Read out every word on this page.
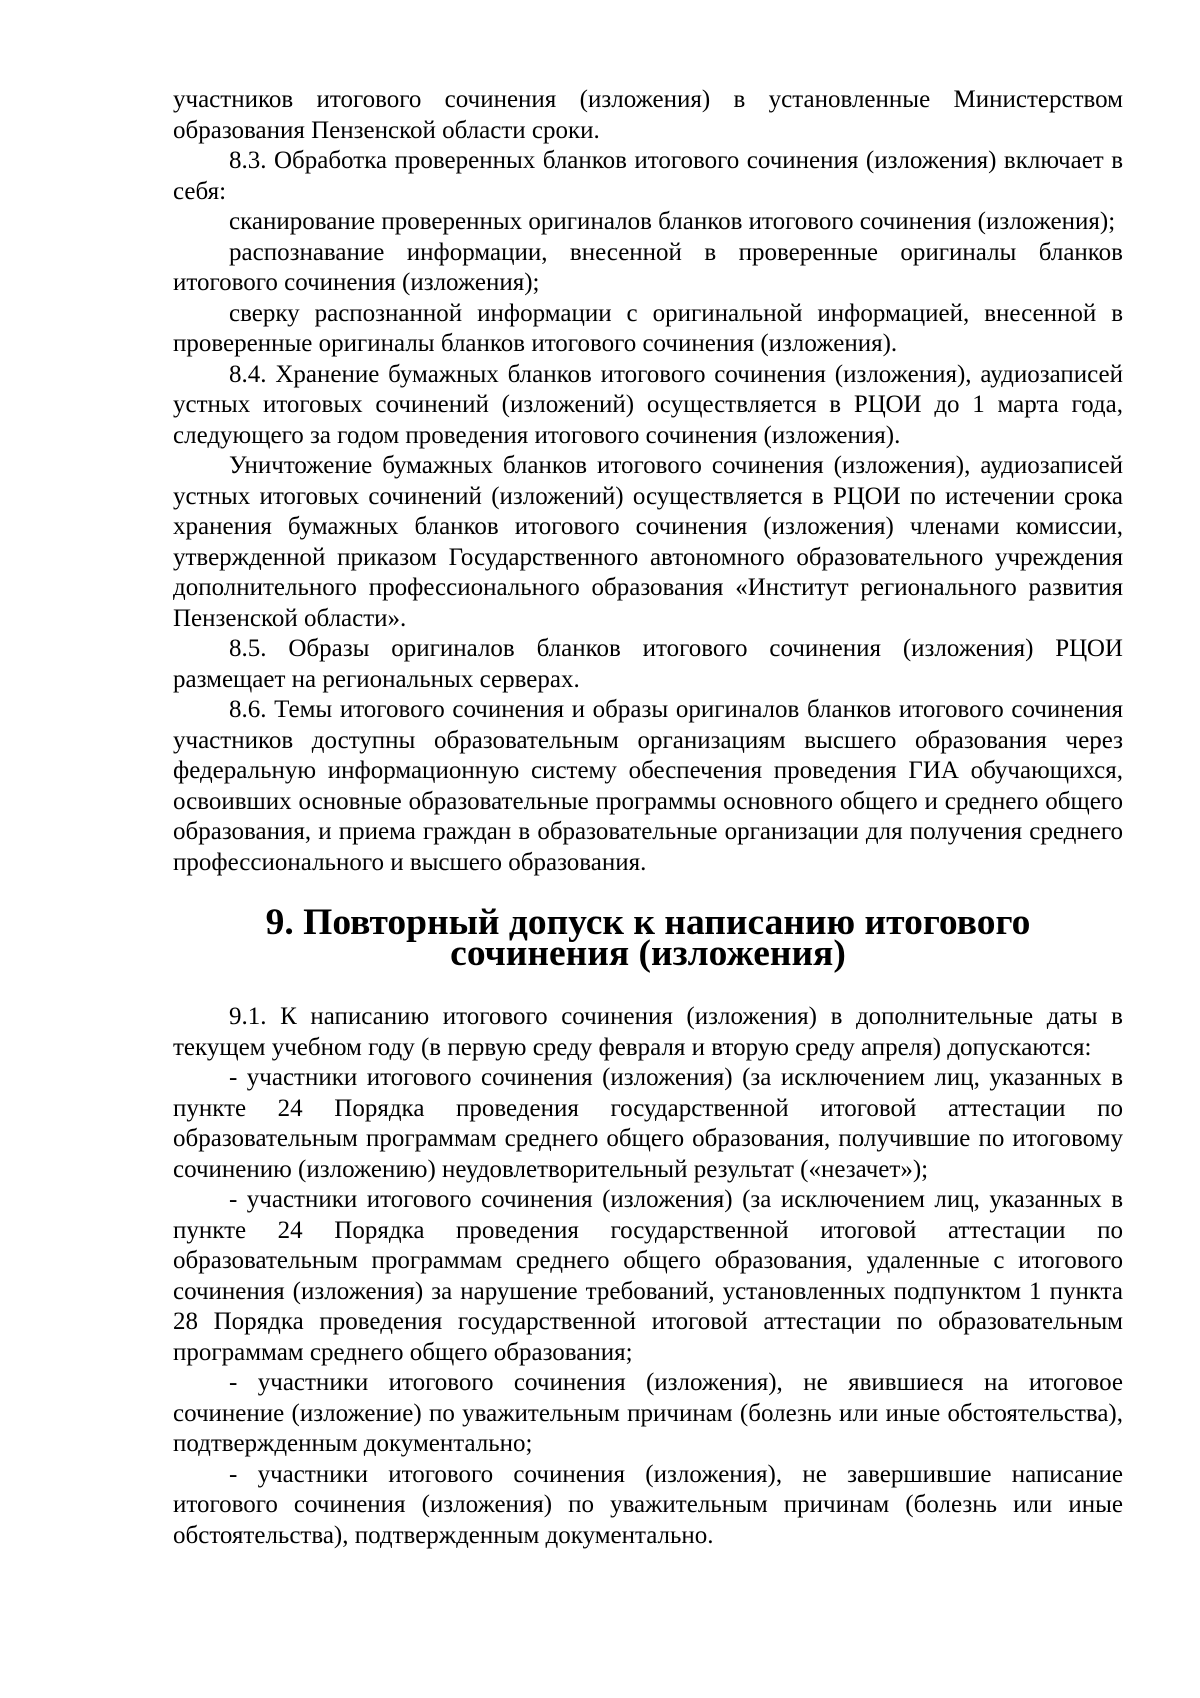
участников итогового сочинения (изложения) в установленные Министерством образования Пензенской области сроки.

8.3. Обработка проверенных бланков итогового сочинения (изложения) включает в себя:

сканирование проверенных оригиналов бланков итогового сочинения (изложения);

распознавание информации, внесенной в проверенные оригиналы бланков итогового сочинения (изложения);

сверку распознанной информации с оригинальной информацией, внесенной в проверенные оригиналы бланков итогового сочинения (изложения).

8.4. Хранение бумажных бланков итогового сочинения (изложения), аудиозаписей устных итоговых сочинений (изложений) осуществляется в РЦОИ до 1 марта года, следующего за годом проведения итогового сочинения (изложения).

Уничтожение бумажных бланков итогового сочинения (изложения), аудиозаписей устных итоговых сочинений (изложений) осуществляется в РЦОИ по истечении срока хранения бумажных бланков итогового сочинения (изложения) членами комиссии, утвержденной приказом Государственного автономного образовательного учреждения дополнительного профессионального образования «Институт регионального развития Пензенской области».

8.5. Образы оригиналов бланков итогового сочинения (изложения) РЦОИ размещает на региональных серверах.

8.6. Темы итогового сочинения и образы оригиналов бланков итогового сочинения участников доступны образовательным организациям высшего образования через федеральную информационную систему обеспечения проведения ГИА обучающихся, освоивших основные образовательные программы основного общего и среднего общего образования, и приема граждан в образовательные организации для получения среднего профессионального и высшего образования.

9. Повторный допуск к написанию итогового сочинения (изложения)

9.1. К написанию итогового сочинения (изложения) в дополнительные даты в текущем учебном году (в первую среду февраля и вторую среду апреля) допускаются:

- участники итогового сочинения (изложения) (за исключением лиц, указанных в пункте 24 Порядка проведения государственной итоговой аттестации по образовательным программам среднего общего образования, получившие по итоговому сочинению (изложению) неудовлетворительный результат («незачет»);

- участники итогового сочинения (изложения) (за исключением лиц, указанных в пункте 24 Порядка проведения государственной итоговой аттестации по образовательным программам среднего общего образования, удаленные с итогового сочинения (изложения) за нарушение требований, установленных подпунктом 1 пункта 28 Порядка проведения государственной итоговой аттестации по образовательным программам среднего общего образования;

- участники итогового сочинения (изложения), не явившиеся на итоговое сочинение (изложение) по уважительным причинам (болезнь или иные обстоятельства), подтвержденным документально;

- участники итогового сочинения (изложения), не завершившие написание итогового сочинения (изложения) по уважительным причинам (болезнь или иные обстоятельства), подтвержденным документально.
